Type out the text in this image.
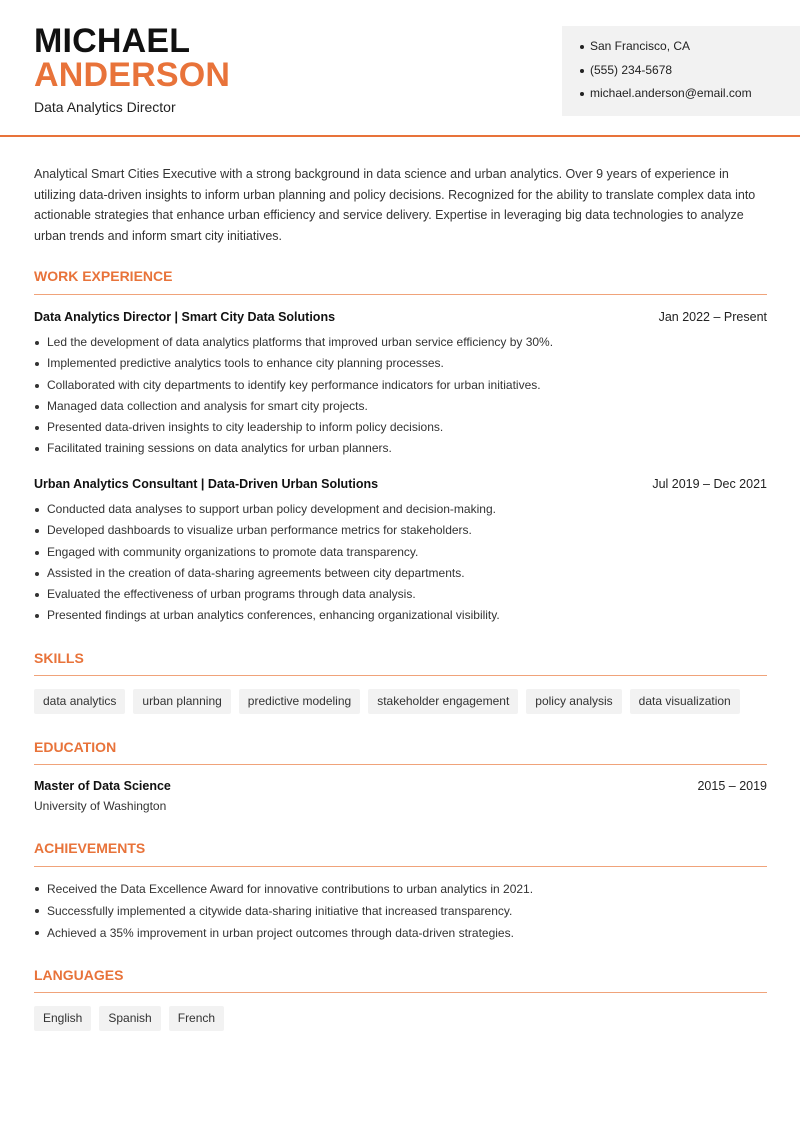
MICHAEL
ANDERSON
Data Analytics Director
San Francisco, CA
(555) 234-5678
michael.anderson@email.com

Analytical Smart Cities Executive with a strong background in data science and urban analytics. Over 9 years of experience in utilizing data-driven insights to inform urban planning and policy decisions. Recognized for the ability to translate complex data into actionable strategies that enhance urban efficiency and service delivery. Expertise in leveraging big data technologies to analyze urban trends and inform smart city initiatives.

WORK EXPERIENCE
Data Analytics Director | Smart City Data Solutions	Jan 2022 – Present
Led the development of data analytics platforms that improved urban service efficiency by 30%.
Implemented predictive analytics tools to enhance city planning processes.
Collaborated with city departments to identify key performance indicators for urban initiatives.
Managed data collection and analysis for smart city projects.
Presented data-driven insights to city leadership to inform policy decisions.
Facilitated training sessions on data analytics for urban planners.
Urban Analytics Consultant | Data-Driven Urban Solutions	Jul 2019 – Dec 2021
Conducted data analyses to support urban policy development and decision-making.
Developed dashboards to visualize urban performance metrics for stakeholders.
Engaged with community organizations to promote data transparency.
Assisted in the creation of data-sharing agreements between city departments.
Evaluated the effectiveness of urban programs through data analysis.
Presented findings at urban analytics conferences, enhancing organizational visibility.
SKILLS
data analytics	urban planning	predictive modeling	stakeholder engagement	policy analysis	data visualization
EDUCATION
Master of Data Science	2015 – 2019
University of Washington
ACHIEVEMENTS
Received the Data Excellence Award for innovative contributions to urban analytics in 2021.
Successfully implemented a citywide data-sharing initiative that increased transparency.
Achieved a 35% improvement in urban project outcomes through data-driven strategies.
LANGUAGES
English	Spanish	French
